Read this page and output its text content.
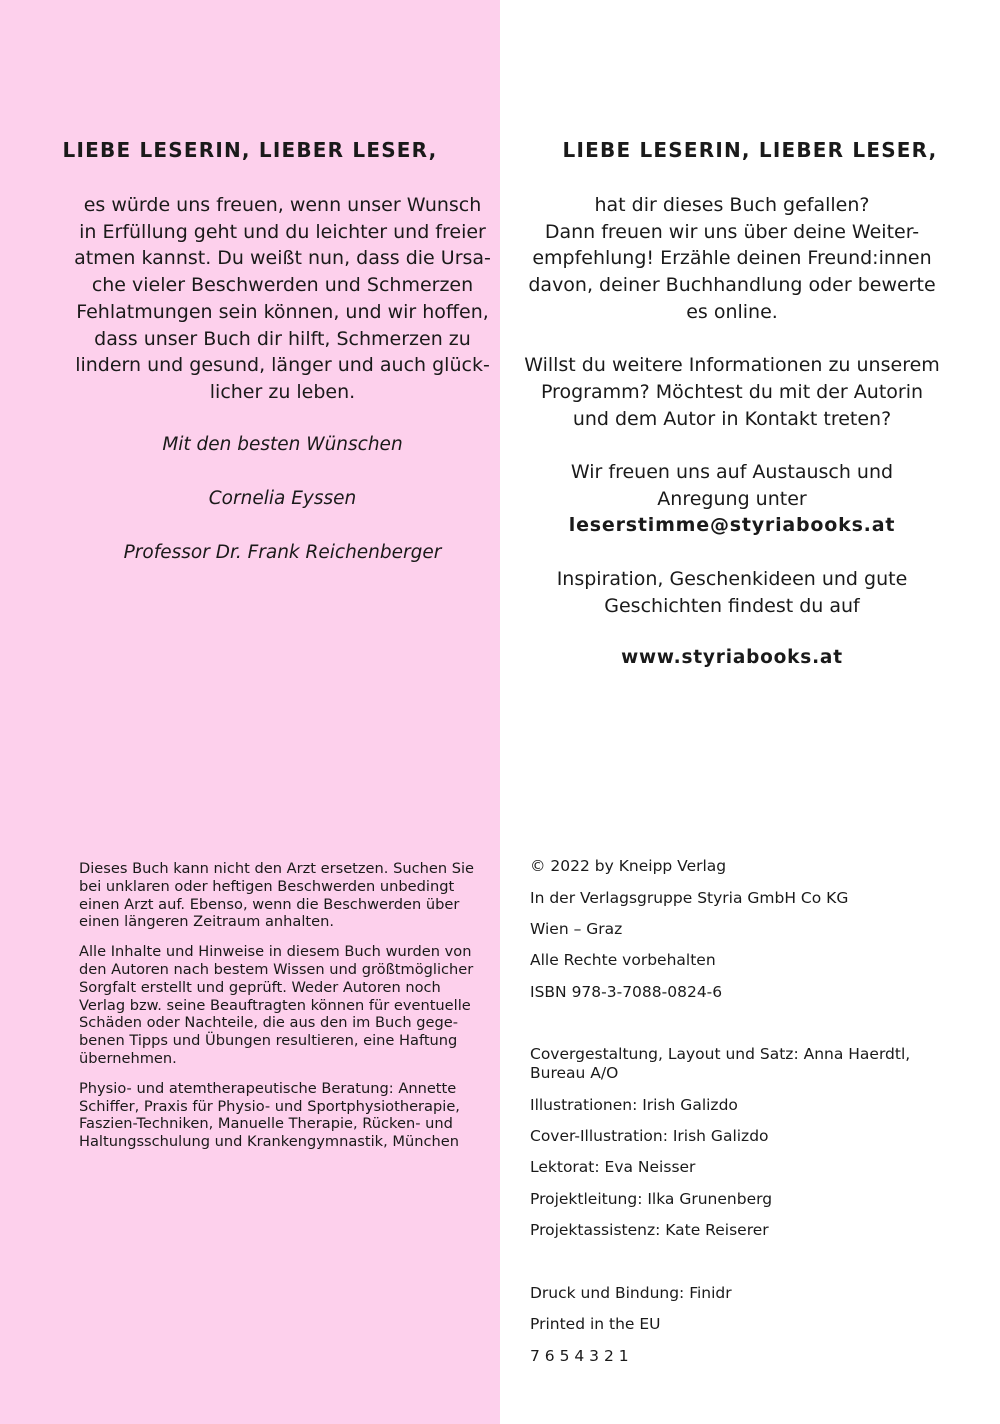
LIEBE LESERIN, LIEBER LESER,

es würde uns freuen, wenn unser Wunsch

in Erfüllung geht und du leichter und freier

atmen kannst. Du weißt nun, dass die Ursa-

che vieler Beschwerden und Schmerzen

Fehlatmungen sein können, und wir hoffen,

dass unser Buch dir hilft, Schmerzen zu

lindern und gesund, länger und auch glück-

licher zu leben.

Mit den besten Wünschen
Cornelia Eyssen
Professor Dr. Frank Reichenberger

Dieses Buch kann nicht den Arzt ersetzen. Suchen Sie bei unklaren oder heftigen Beschwerden unbedingt einen Arzt auf. Ebenso, wenn die Beschwerden über einen längeren Zeitraum anhalten.

Alle Inhalte und Hinweise in diesem Buch wurden von den Autoren nach bestem Wissen und größtmöglicher Sorgfalt erstellt und geprüft. Weder Autoren noch Verlag bzw. seine Beauftragten können für eventuelle Schäden oder Nachteile, die aus den im Buch gegebenen Tipps und Übungen resultieren, eine Haftung übernehmen.

Physio- und atemtherapeutische Beratung: Annette Schiffer, Praxis für Physio- und Sportphysiotherapie, Faszien-Techniken, Manuelle Therapie, Rücken- und Haltungsschulung und Krankengymnastik, München

LIEBE LESERIN, LIEBER LESER,

hat dir dieses Buch gefallen?

Dann freuen wir uns über deine Weiter-

empfehlung! Erzähle deinen Freund:innen

davon, deiner Buchhandlung oder bewerte

es online.

Willst du weitere Informationen zu unserem

Programm? Möchtest du mit der Autorin

und dem Autor in Kontakt treten?

Wir freuen uns auf Austausch und

Anregung unter

leserstimme@styriabooks.at

Inspiration, Geschenkideen und gute

Geschichten findest du auf

www.styriabooks.at
© 2022 by Kneipp Verlag
In der Verlagsgruppe Styria GmbH Co KG
Wien – Graz
Alle Rechte vorbehalten
ISBN 978-3-7088-0824-6
Covergestaltung, Layout und Satz: Anna Haerdtl,
Bureau A/O
Illustrationen: Irish Galizdo
Cover-Illustration: Irish Galizdo
Lektorat: Eva Neisser
Projektleitung: Ilka Grunenberg
Projektassistenz: Kate Reiserer
Druck und Bindung: Finidr
Printed in the EU
7 6 5 4 3 2 1
